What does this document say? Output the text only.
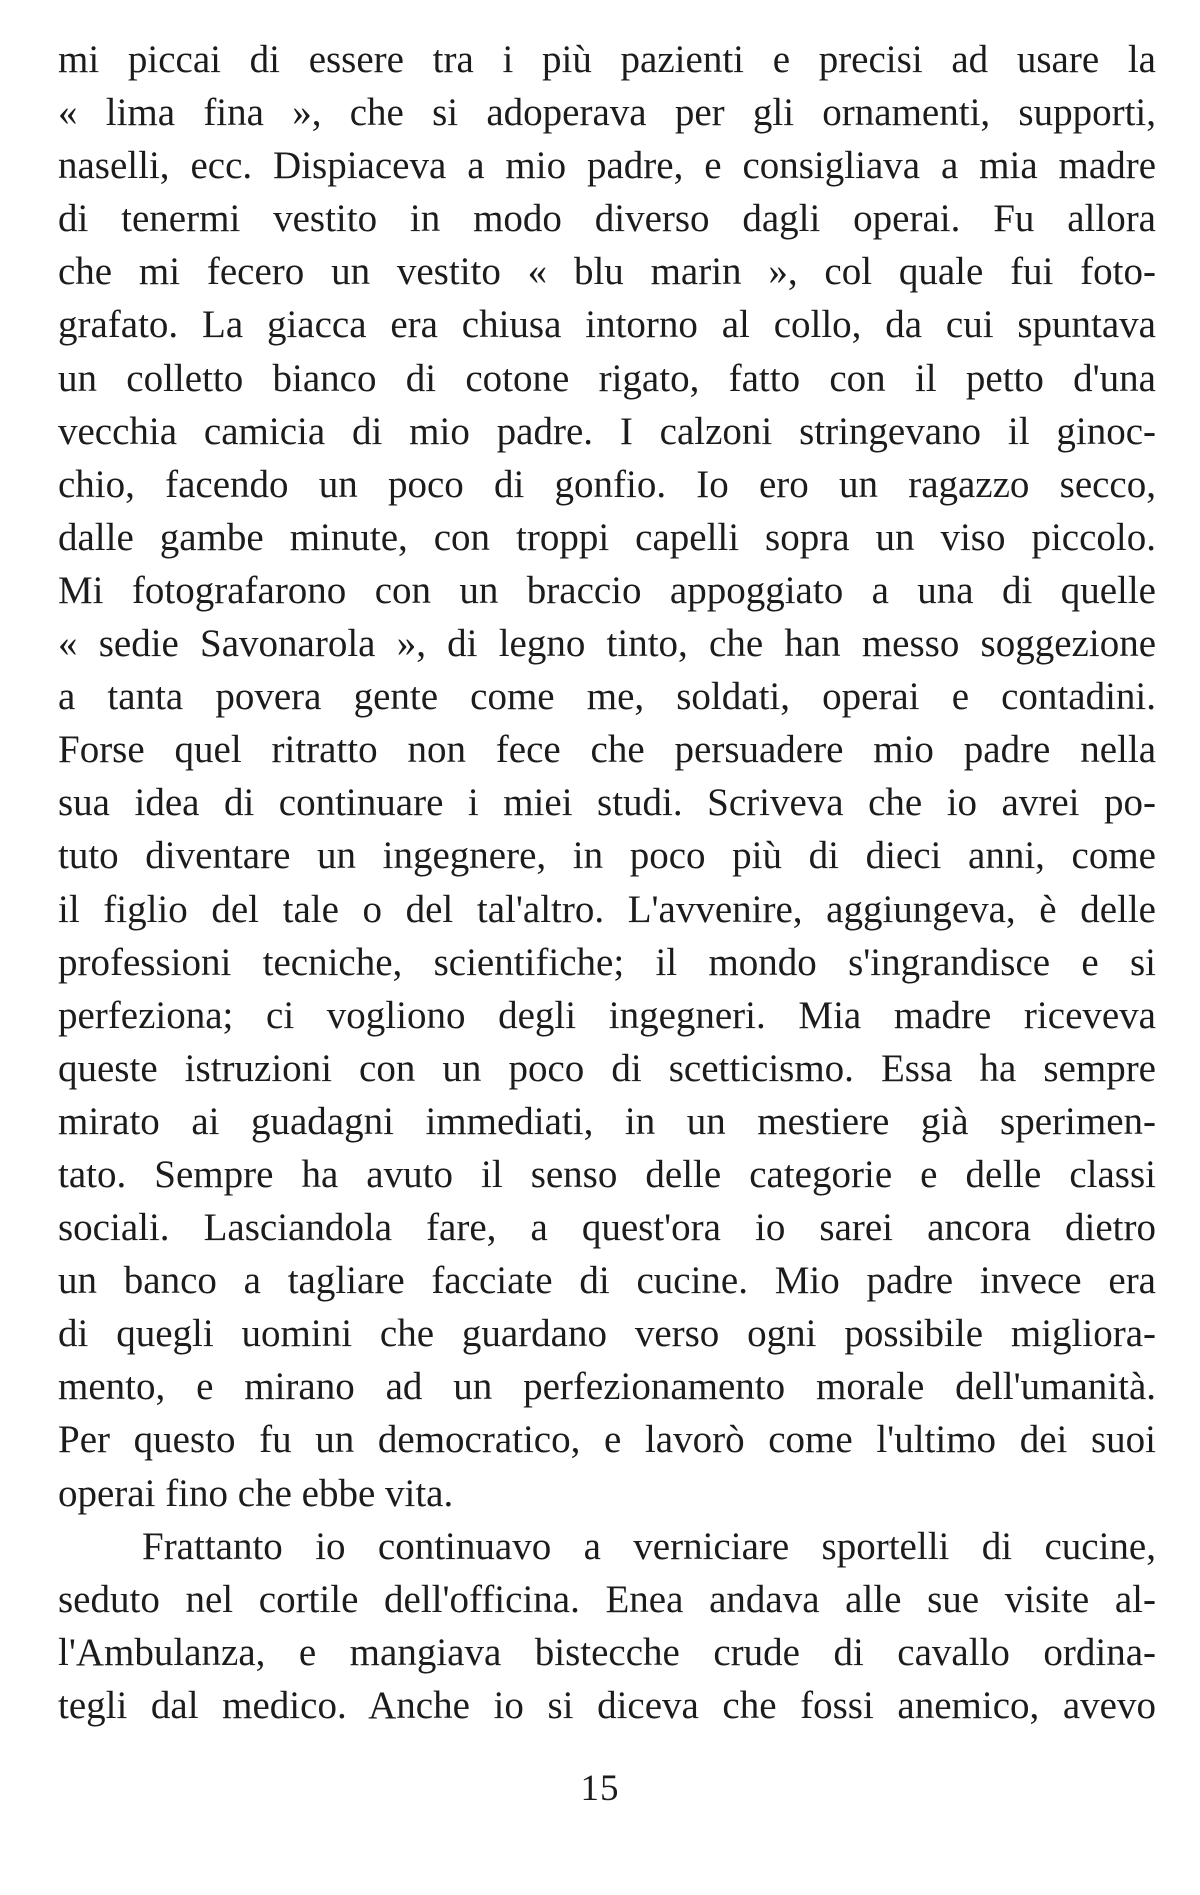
mi piccai di essere tra i più pazienti e precisi ad usare la
« lima fina », che si adoperava per gli ornamenti, supporti,
naselli, ecc. Dispiaceva a mio padre, e consigliava a mia madre
di tenermi vestito in modo diverso dagli operai. Fu allora
che mi fecero un vestito « blu marin », col quale fui foto-
grafato. La giacca era chiusa intorno al collo, da cui spuntava
un colletto bianco di cotone rigato, fatto con il petto d'una
vecchia camicia di mio padre. I calzoni stringevano il ginoc-
chio, facendo un poco di gonfio. Io ero un ragazzo secco,
dalle gambe minute, con troppi capelli sopra un viso piccolo.
Mi fotografarono con un braccio appoggiato a una di quelle
« sedie Savonarola », di legno tinto, che han messo soggezione
a tanta povera gente come me, soldati, operai e contadini.
Forse quel ritratto non fece che persuadere mio padre nella
sua idea di continuare i miei studi. Scriveva che io avrei po-
tuto diventare un ingegnere, in poco più di dieci anni, come
il figlio del tale o del tal'altro. L'avvenire, aggiungeva, è delle
professioni tecniche, scientifiche; il mondo s'ingrandisce e si
perfeziona; ci vogliono degli ingegneri. Mia madre riceveva
queste istruzioni con un poco di scetticismo. Essa ha sempre
mirato ai guadagni immediati, in un mestiere già sperimen-
tato. Sempre ha avuto il senso delle categorie e delle classi
sociali. Lasciandola fare, a quest'ora io sarei ancora dietro
un banco a tagliare facciate di cucine. Mio padre invece era
di quegli uomini che guardano verso ogni possibile migliora-
mento, e mirano ad un perfezionamento morale dell'umanità.
Per questo fu un democratico, e lavorò come l'ultimo dei suoi
operai fino che ebbe vita.
Frattanto io continuavo a verniciare sportelli di cucine,
seduto nel cortile dell'officina. Enea andava alle sue visite al-
l'Ambulanza, e mangiava bistecche crude di cavallo ordina-
tegli dal medico. Anche io si diceva che fossi anemico, avevo
15
